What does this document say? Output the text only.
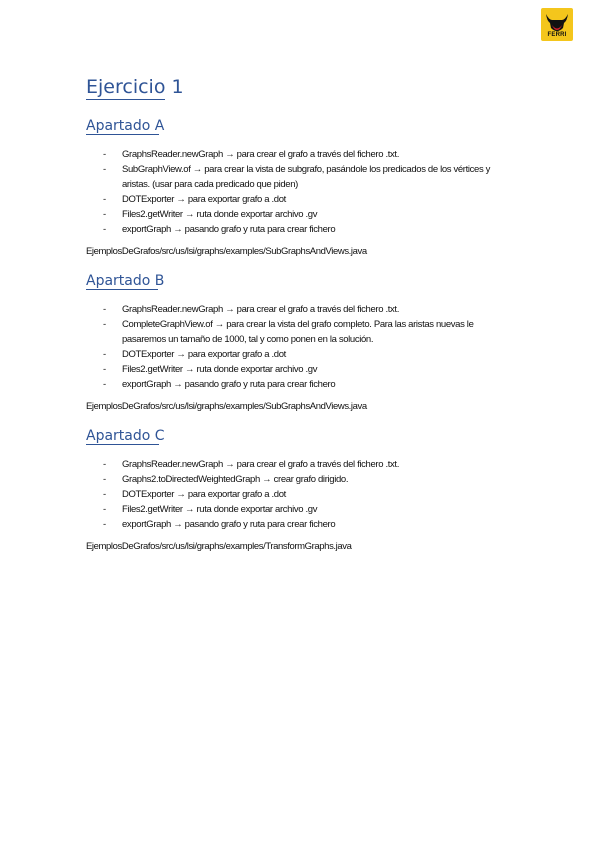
FERRI
Ejercicio 1
Apartado A
- GraphsReader.newGraph → para crear el grafo a través del fichero .txt.
- SubGraphView.of → para crear la vista de subgrafo, pasándole los predicados de los vértices y aristas. (usar para cada predicado que piden)
- DOTExporter → para exportar grafo a .dot
- Files2.getWriter → ruta donde exportar archivo .gv
- exportGraph → pasando grafo y ruta para crear fichero
EjemplosDeGrafos/src/us/lsi/graphs/examples/SubGraphsAndViews.java
Apartado B
- GraphsReader.newGraph → para crear el grafo a través del fichero .txt.
- CompleteGraphView.of → para crear la vista del grafo completo. Para las aristas nuevas le pasaremos un tamaño de 1000, tal y como ponen en la solución.
- DOTExporter → para exportar grafo a .dot
- Files2.getWriter → ruta donde exportar archivo .gv
- exportGraph → pasando grafo y ruta para crear fichero
EjemplosDeGrafos/src/us/lsi/graphs/examples/SubGraphsAndViews.java
Apartado C
- GraphsReader.newGraph → para crear el grafo a través del fichero .txt.
- Graphs2.toDirectedWeightedGraph → crear grafo dirigido.
- DOTExporter → para exportar grafo a .dot
- Files2.getWriter → ruta donde exportar archivo .gv
- exportGraph → pasando grafo y ruta para crear fichero
EjemplosDeGrafos/src/us/lsi/graphs/examples/TransformGraphs.java
